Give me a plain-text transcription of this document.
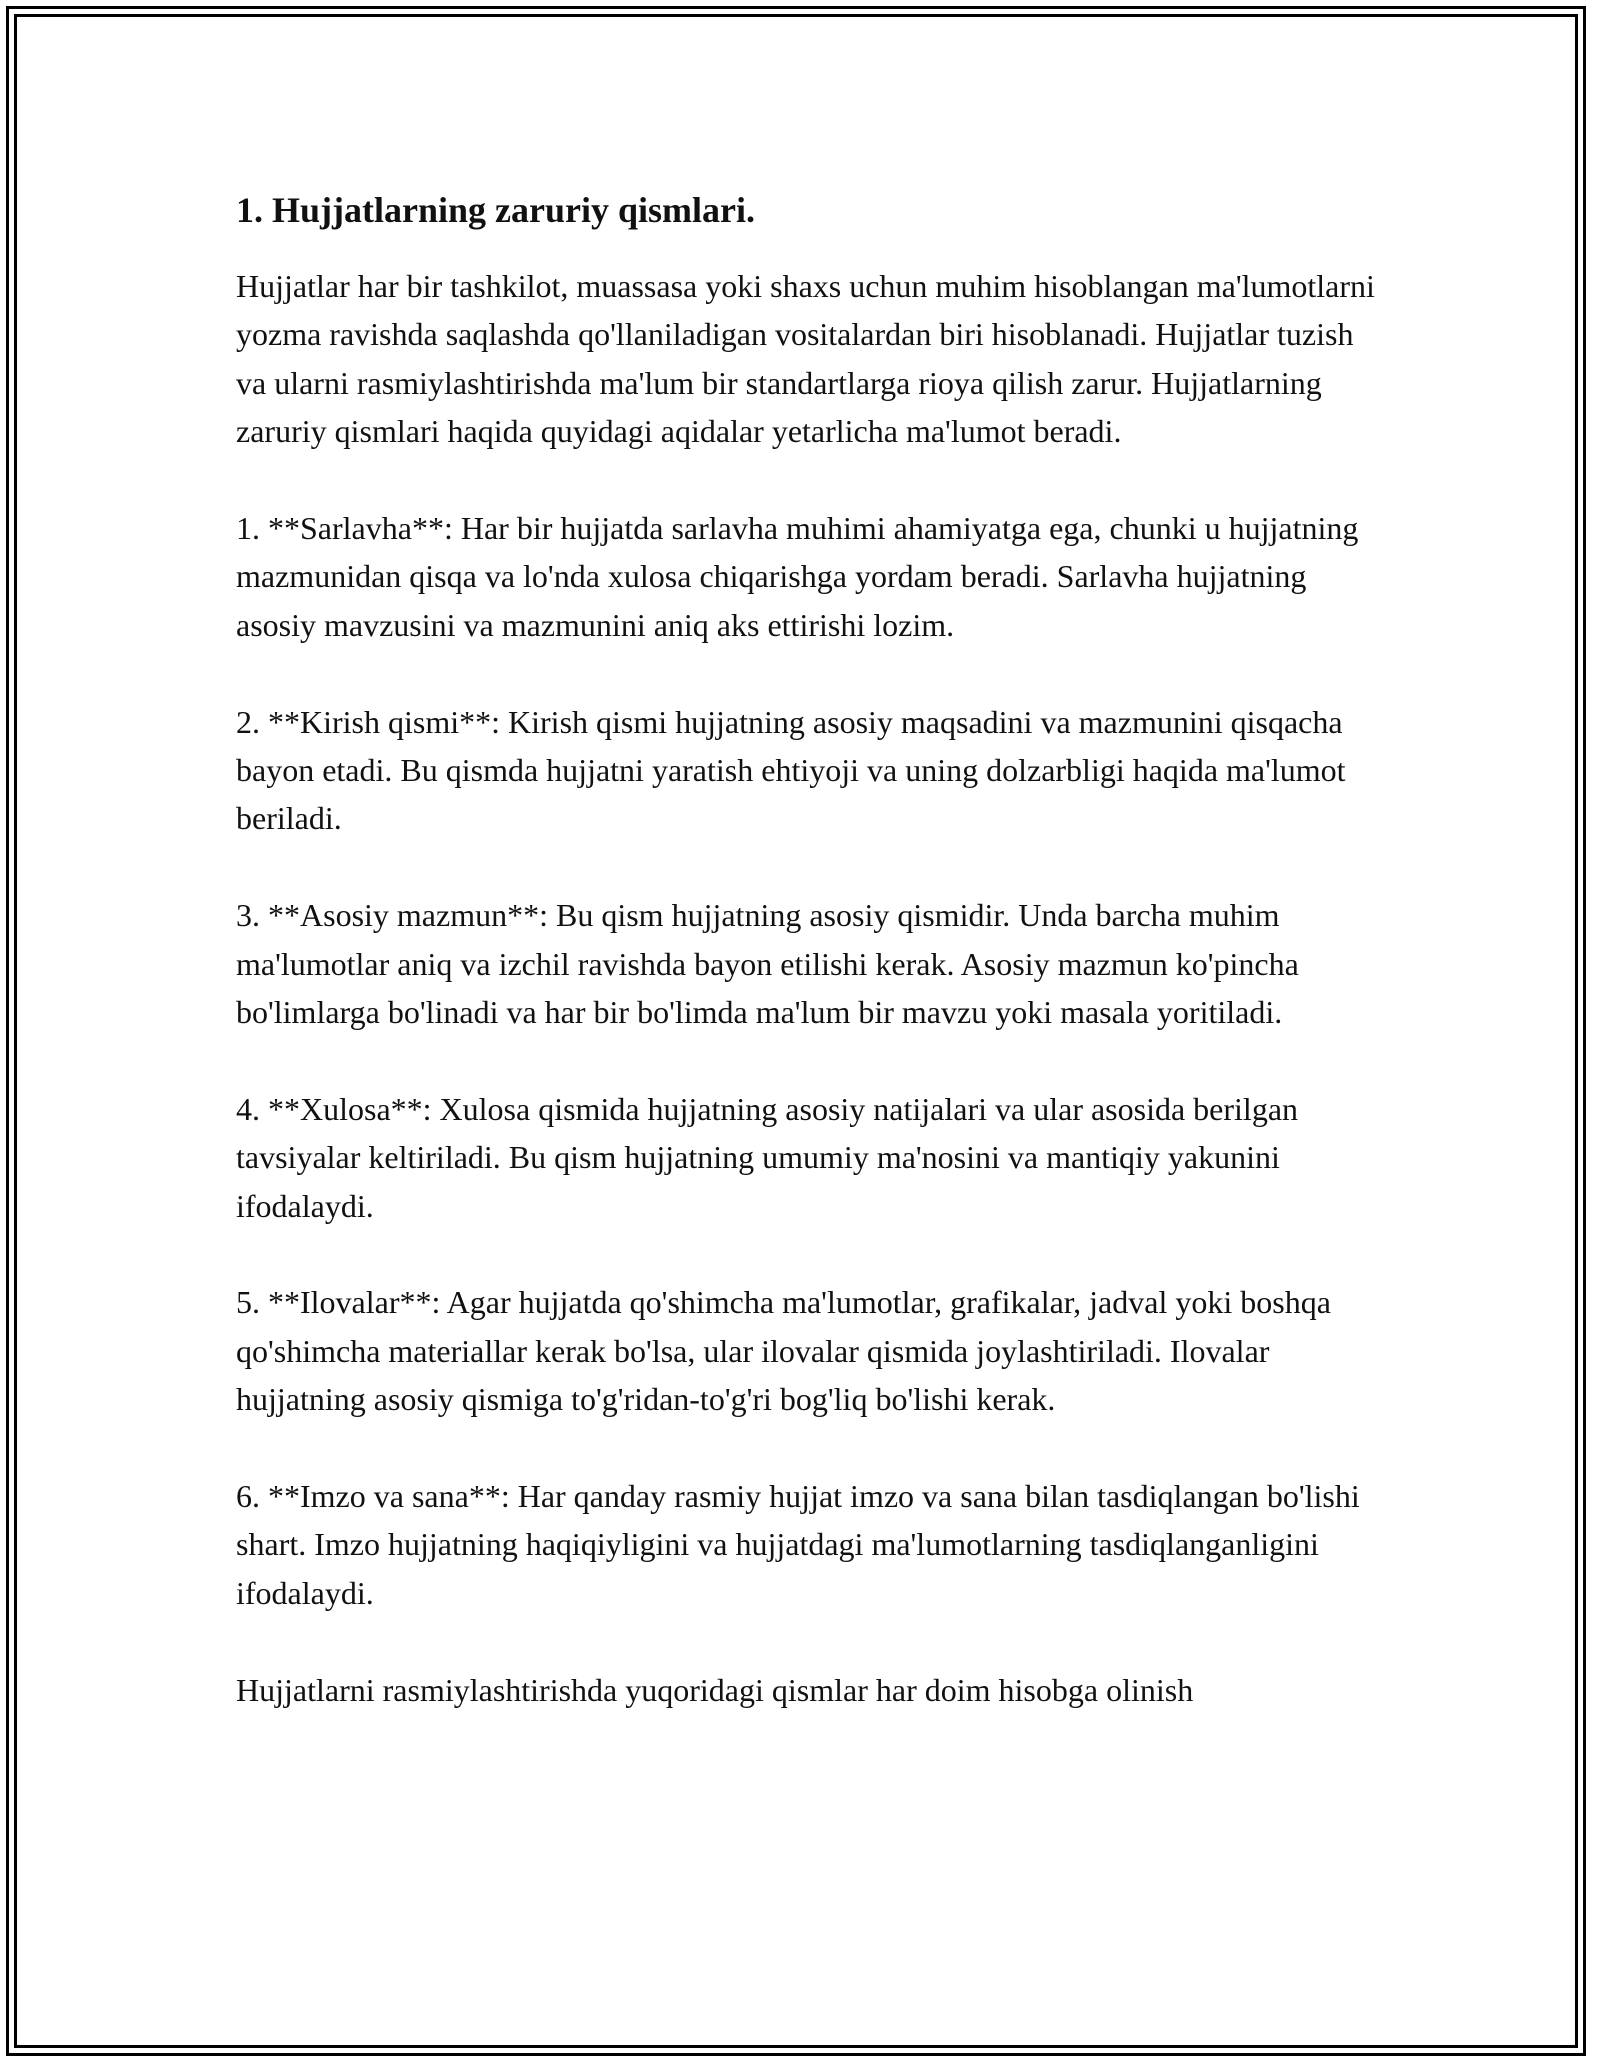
1. Hujjatlarning zaruriy qismlari.

Hujjatlar har bir tashkilot, muassasa yoki shaxs uchun muhim hisoblangan ma'lumotlarni yozma ravishda saqlashda qo'llaniladigan vositalardan biri hisoblanadi. Hujjatlar tuzish va ularni rasmiylashtirishda ma'lum bir standartlarga rioya qilish zarur. Hujjatlarning zaruriy qismlari haqida quyidagi aqidalar yetarlicha ma'lumot beradi.

1. **Sarlavha**: Har bir hujjatda sarlavha muhimi ahamiyatga ega, chunki u hujjatning mazmunidan qisqa va lo'nda xulosa chiqarishga yordam beradi. Sarlavha hujjatning asosiy mavzusini va mazmunini aniq aks ettirishi lozim.

2. **Kirish qismi**: Kirish qismi hujjatning asosiy maqsadini va mazmunini qisqacha bayon etadi. Bu qismda hujjatni yaratish ehtiyoji va uning dolzarbligi haqida ma'lumot beriladi.

3. **Asosiy mazmun**: Bu qism hujjatning asosiy qismidir. Unda barcha muhim ma'lumotlar aniq va izchil ravishda bayon etilishi kerak. Asosiy mazmun ko'pincha bo'limlarga bo'linadi va har bir bo'limda ma'lum bir mavzu yoki masala yoritiladi.

4. **Xulosa**: Xulosa qismida hujjatning asosiy natijalari va ular asosida berilgan tavsiyalar keltiriladi. Bu qism hujjatning umumiy ma'nosini va mantiqiy yakunini ifodalaydi.

5. **Ilovalar**: Agar hujjatda qo'shimcha ma'lumotlar, grafikalar, jadval yoki boshqa qo'shimcha materiallar kerak bo'lsa, ular ilovalar qismida joylashtiriladi. Ilovalar hujjatning asosiy qismiga to'g'ridan-to'g'ri bog'liq bo'lishi kerak.

6. **Imzo va sana**: Har qanday rasmiy hujjat imzo va sana bilan tasdiqlangan bo'lishi shart. Imzo hujjatning haqiqiyligini va hujjatdagi ma'lumotlarning tasdiqlanganligini ifodalaydi.

Hujjatlarni rasmiylashtirishda yuqoridagi qismlar har doim hisobga olinish
